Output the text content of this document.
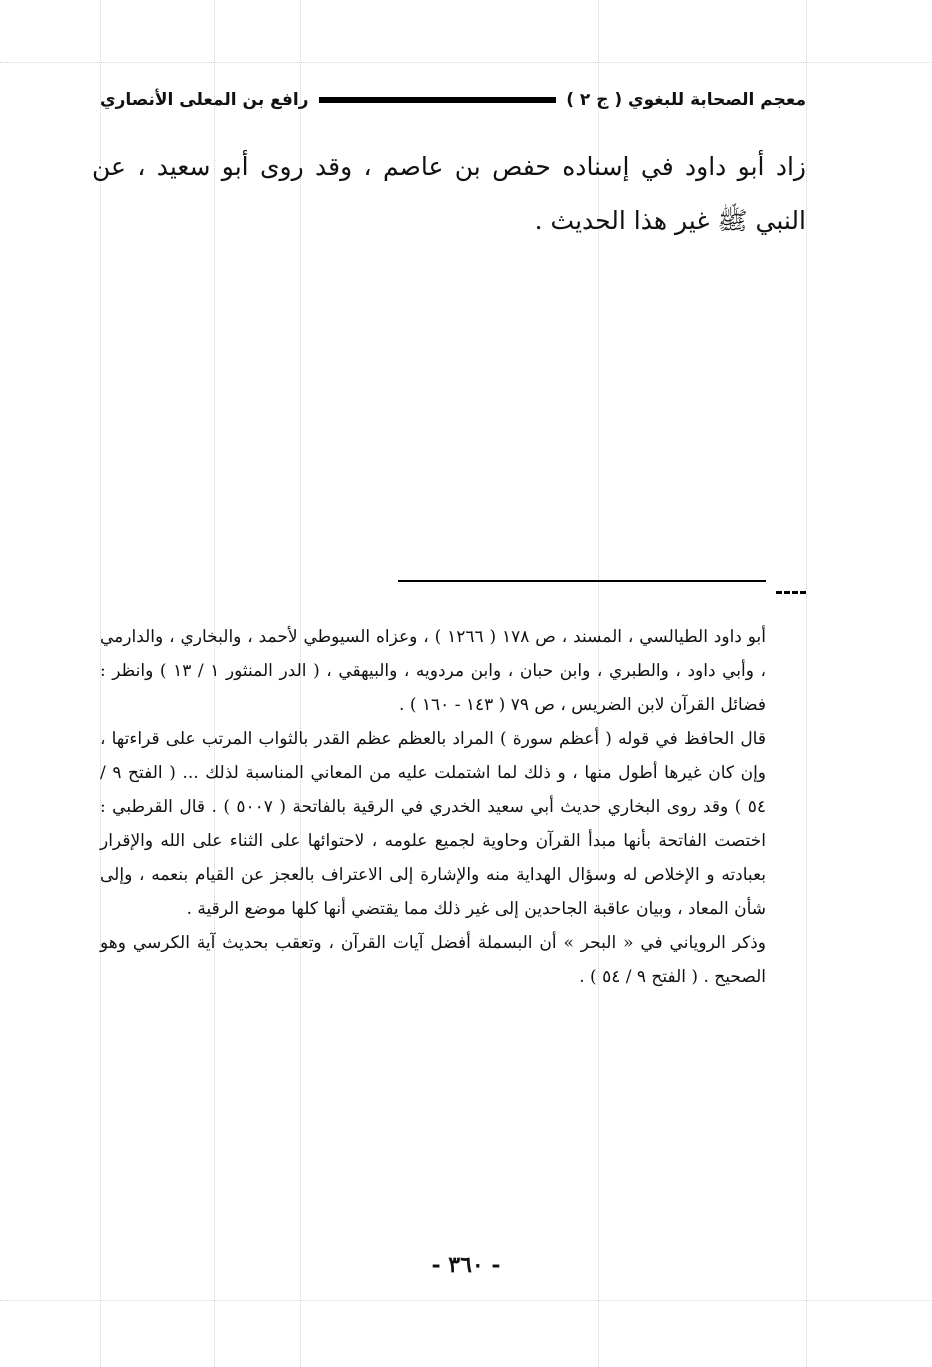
معجم الصحابة للبغوي ( ج ٢ )
رافع بن المعلى الأنصاري

زاد أبو داود في إسناده حفص بن عاصم ، وقد روى أبو سعيد ، عن النبي ﷺ غير هذا الحديث .

أبو داود الطيالسي ، المسند ، ص ١٧٨ ( ١٢٦٦ ) ، وعزاه السيوطي لأحمد ، والبخاري ، والدارمي ، وأبي داود ، والطبري ، وابن حبان ، وابن مردويه ، والبيهقي ، ( الدر المنثور ١ / ١٣ ) وانظر : فضائل القرآن لابن الضريس ، ص ٧٩ ( ١٤٣ - ١٦٠ ) .

قال الحافظ في قوله ( أعظم سورة ) المراد بالعظم عظم القدر بالثواب المرتب على قراءتها ، وإن كان غيرها أطول منها ، و ذلك لما اشتملت عليه من المعاني المناسبة لذلك ... ( الفتح ٩ / ٥٤ ) وقد روى البخاري حديث أبي سعيد الخدري في الرقية بالفاتحة ( ٥٠٠٧ ) . قال القرطبي : اختصت الفاتحة بأنها مبدأ القرآن وحاوية لجميع علومه ، لاحتوائها على الثناء على الله والإقرار بعبادته و الإخلاص له وسؤال الهداية منه والإشارة إلى الاعتراف بالعجز عن القيام بنعمه ، وإلى شأن المعاد ، وبيان عاقبة الجاحدين إلى غير ذلك مما يقتضي أنها كلها موضع الرقية .

وذكر الروياني في « البحر » أن البسملة أفضل آيات القرآن ، وتعقب بحديث آية الكرسي وهو الصحيح . ( الفتح ٩ / ٥٤ ) .

- ٣٦٠ -
